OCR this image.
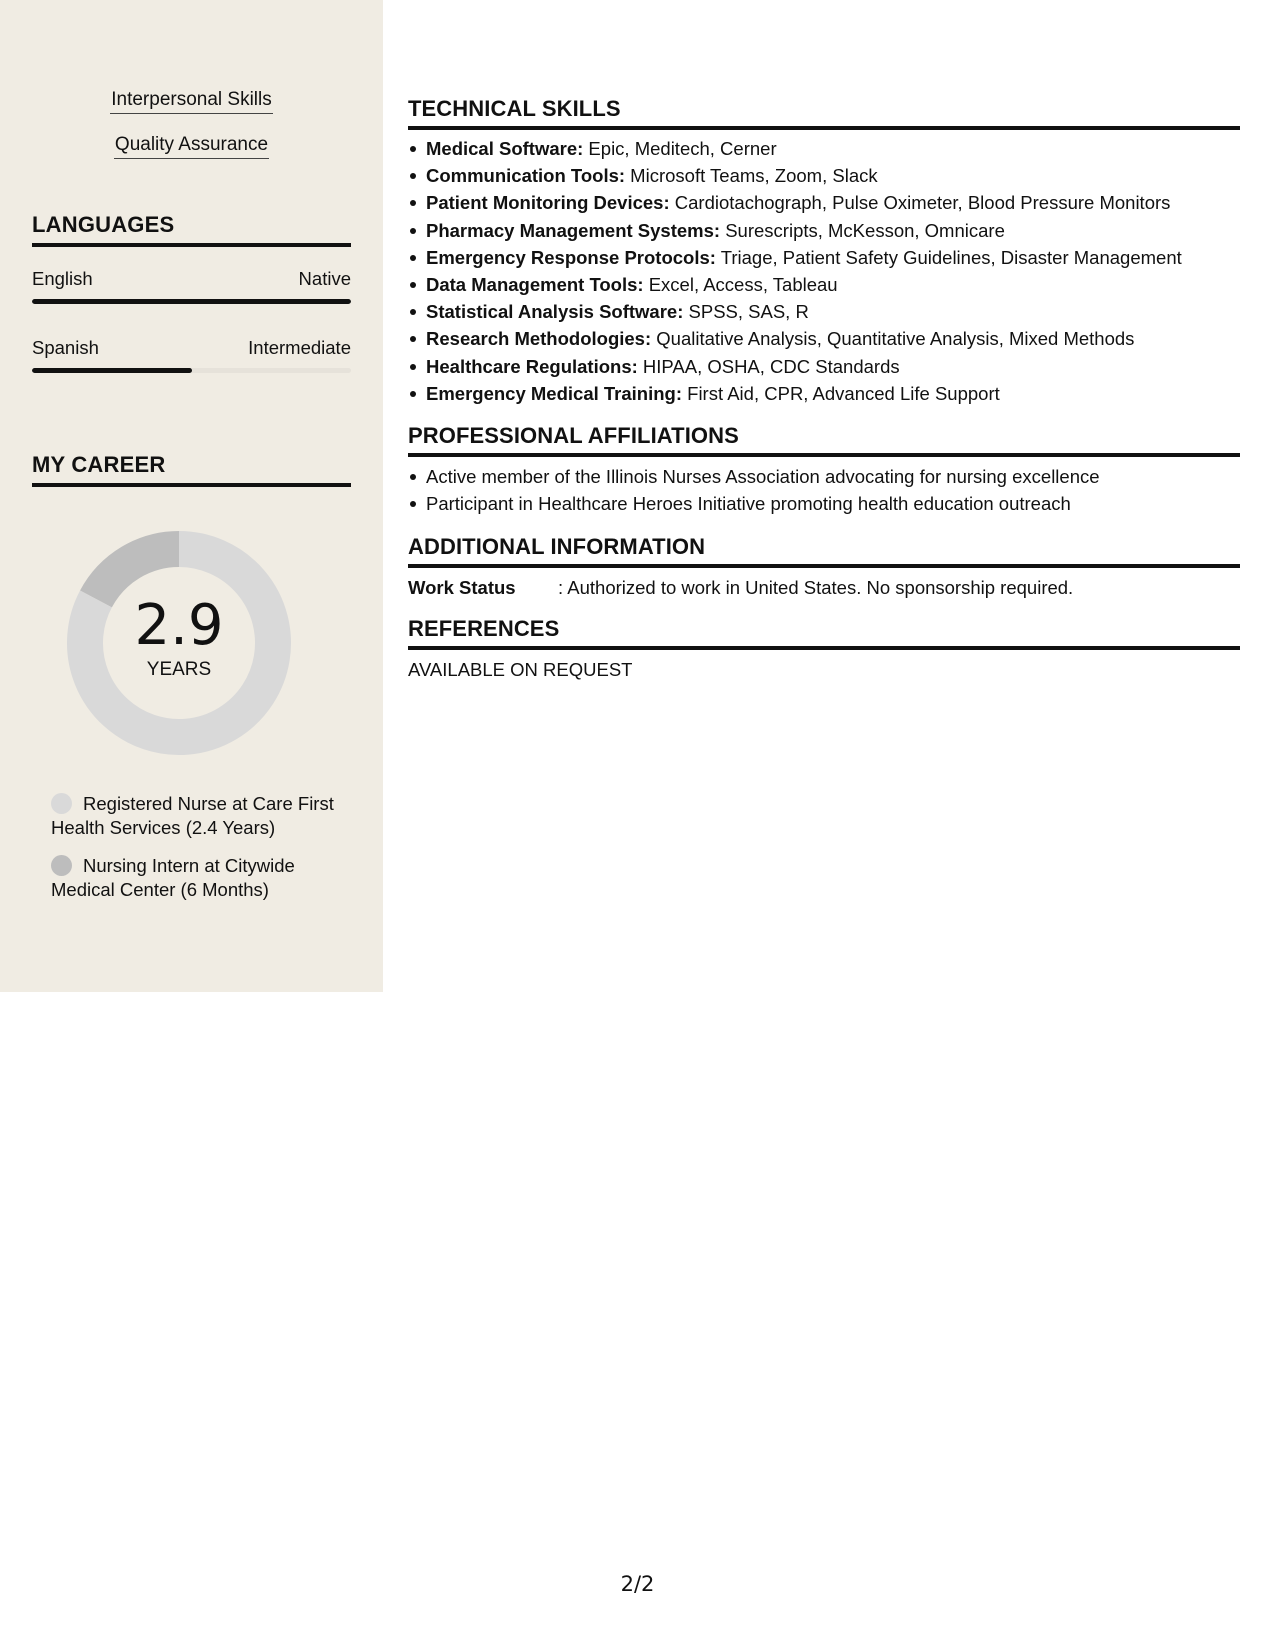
Interpersonal Skills
Quality Assurance
LANGUAGES
English	Native
Spanish	Intermediate
MY CAREER
2.9
YEARS
Registered Nurse at Care First Health Services (2.4 Years)
Nursing Intern at Citywide Medical Center (6 Months)
TECHNICAL SKILLS
Medical Software: Epic, Meditech, Cerner
Communication Tools: Microsoft Teams, Zoom, Slack
Patient Monitoring Devices: Cardiotachograph, Pulse Oximeter, Blood Pressure Monitors
Pharmacy Management Systems: Surescripts, McKesson, Omnicare
Emergency Response Protocols: Triage, Patient Safety Guidelines, Disaster Management
Data Management Tools: Excel, Access, Tableau
Statistical Analysis Software: SPSS, SAS, R
Research Methodologies: Qualitative Analysis, Quantitative Analysis, Mixed Methods
Healthcare Regulations: HIPAA, OSHA, CDC Standards
Emergency Medical Training: First Aid, CPR, Advanced Life Support
PROFESSIONAL AFFILIATIONS
Active member of the Illinois Nurses Association advocating for nursing excellence
Participant in Healthcare Heroes Initiative promoting health education outreach
ADDITIONAL INFORMATION
Work Status : Authorized to work in United States. No sponsorship required.
REFERENCES
AVAILABLE ON REQUEST
2/2
